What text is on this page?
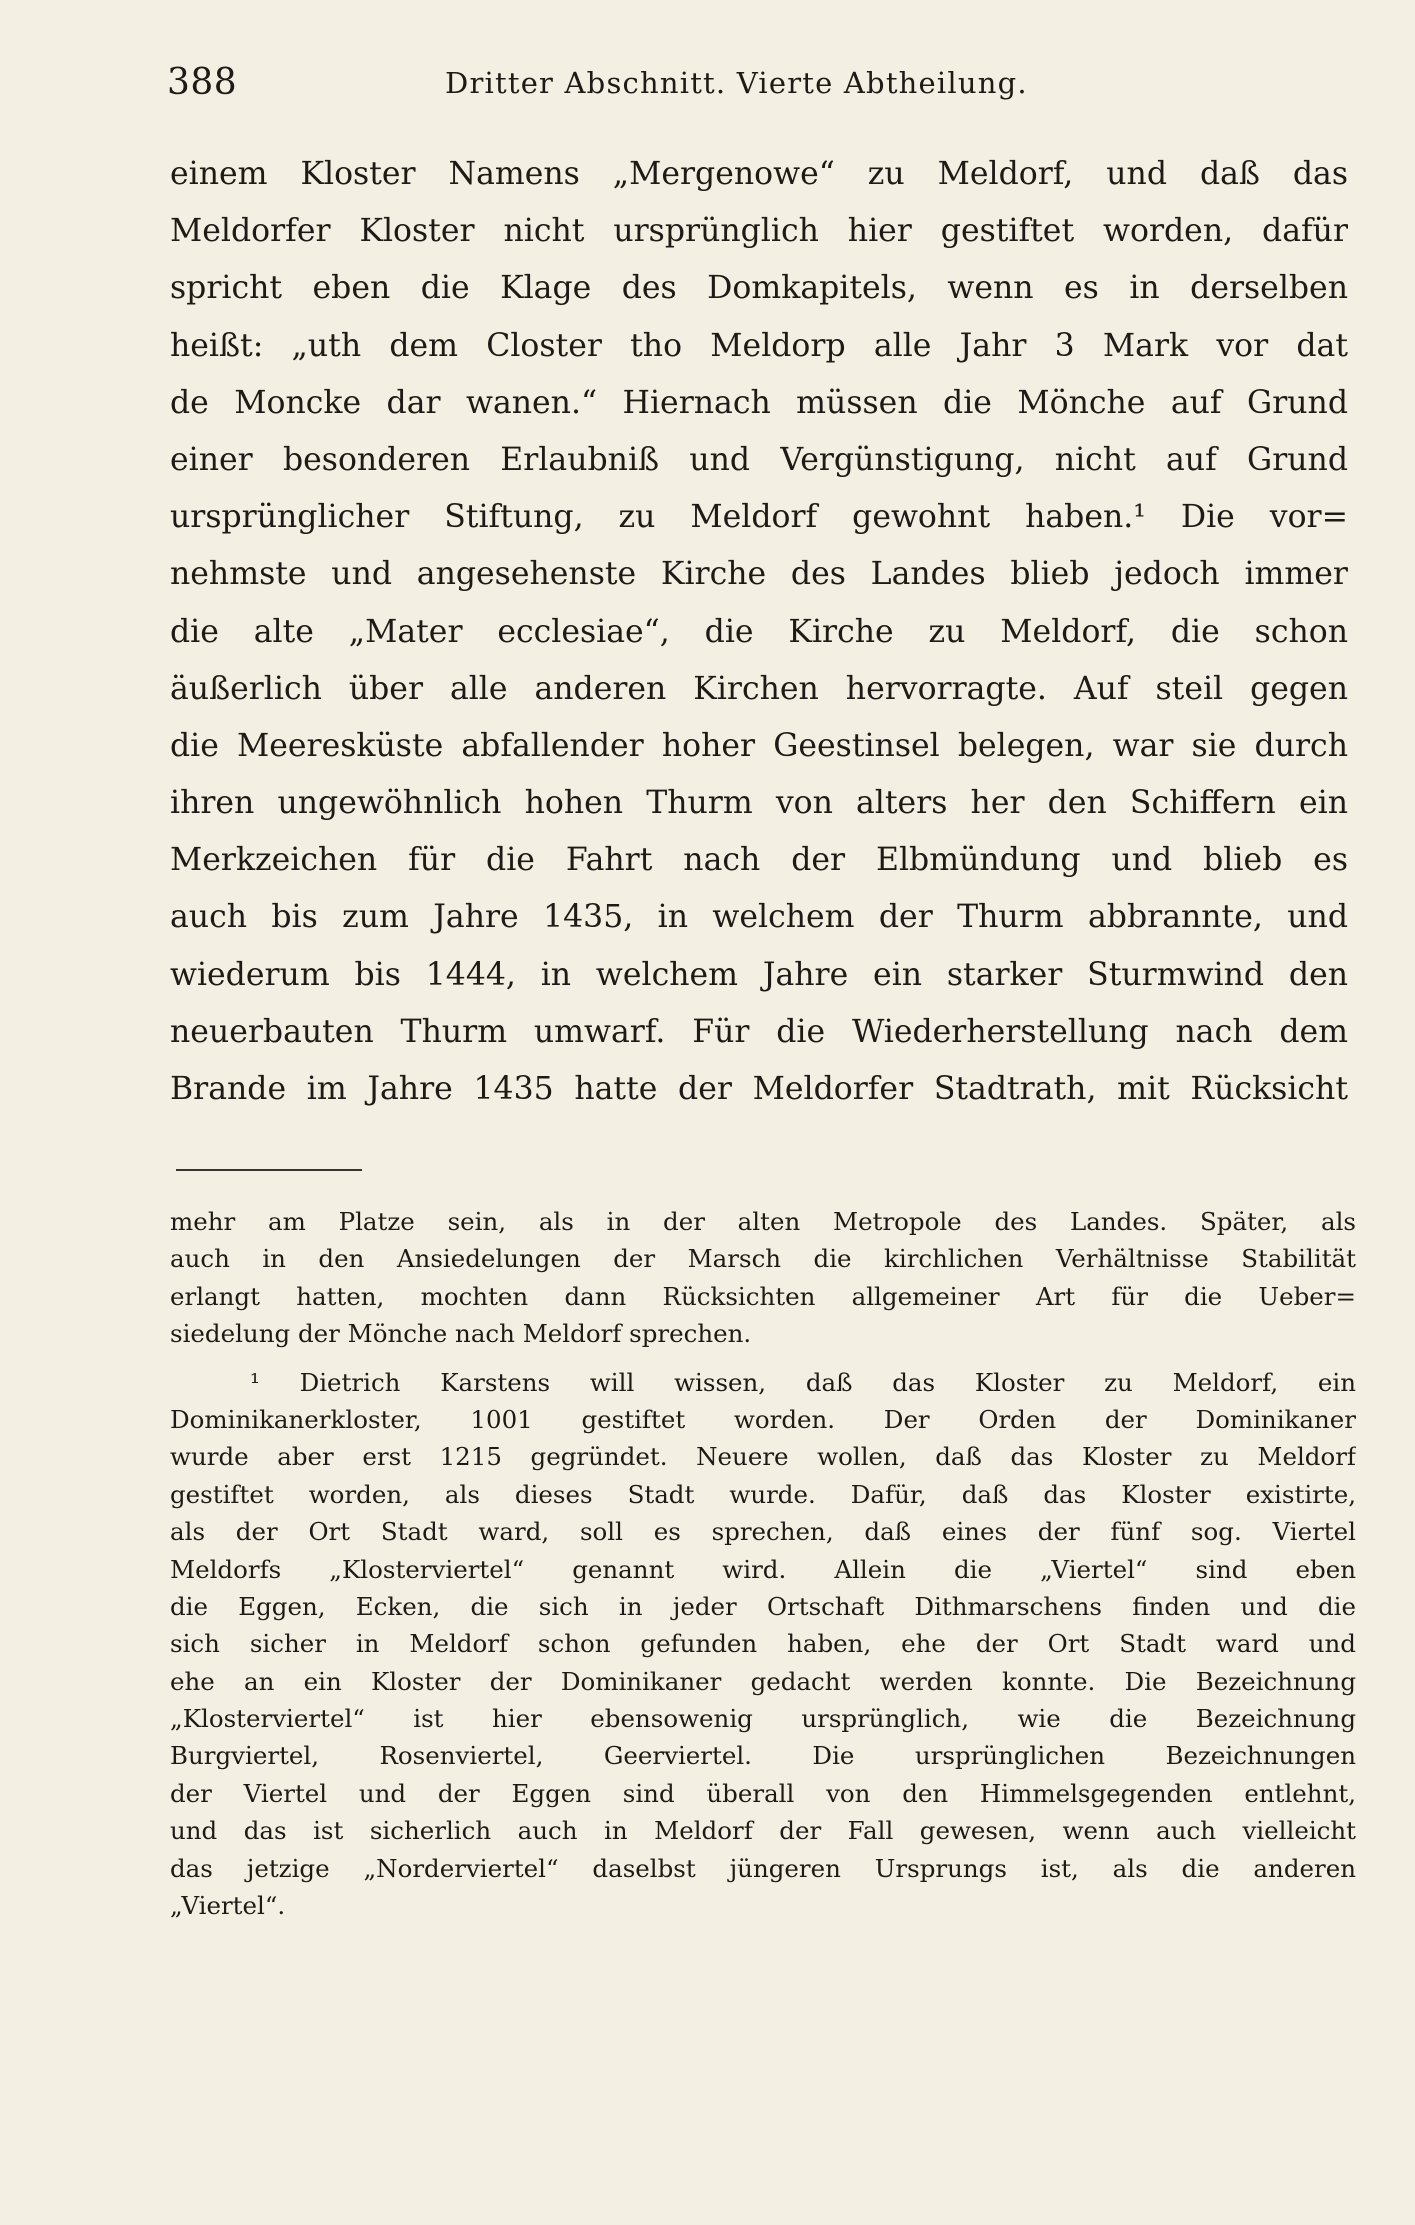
388	Dritter Abschnitt. Vierte Abtheilung.
einem Kloster Namens „Mergenowe“ zu Meldorf, und daß das
Meldorfer Kloster nicht ursprünglich hier gestiftet worden, dafür
spricht eben die Klage des Domkapitels, wenn es in derselben
heißt: „uth dem Closter tho Meldorp alle Jahr 3 Mark vor dat
de Moncke dar wanen.“ Hiernach müssen die Mönche auf Grund
einer besonderen Erlaubniß und Vergünstigung, nicht auf Grund
ursprünglicher Stiftung, zu Meldorf gewohnt haben.¹ Die vor=
nehmste und angesehenste Kirche des Landes blieb jedoch immer
die alte „Mater ecclesiae“, die Kirche zu Meldorf, die schon
äußerlich über alle anderen Kirchen hervorragte. Auf steil gegen
die Meeresküste abfallender hoher Geestinsel belegen, war sie durch
ihren ungewöhnlich hohen Thurm von alters her den Schiffern ein
Merkzeichen für die Fahrt nach der Elbmündung und blieb es
auch bis zum Jahre 1435, in welchem der Thurm abbrannte, und
wiederum bis 1444, in welchem Jahre ein starker Sturmwind den
neuerbauten Thurm umwarf. Für die Wiederherstellung nach dem
Brande im Jahre 1435 hatte der Meldorfer Stadtrath, mit Rücksicht
mehr am Platze sein, als in der alten Metropole des Landes. Später, als
auch in den Ansiedelungen der Marsch die kirchlichen Verhältnisse Stabilität
erlangt hatten, mochten dann Rücksichten allgemeiner Art für die Ueber=
siedelung der Mönche nach Meldorf sprechen.
¹ Dietrich Karstens will wissen, daß das Kloster zu Meldorf, ein
Dominikanerkloster, 1001 gestiftet worden. Der Orden der Dominikaner
wurde aber erst 1215 gegründet. Neuere wollen, daß das Kloster zu Meldorf
gestiftet worden, als dieses Stadt wurde. Dafür, daß das Kloster existirte,
als der Ort Stadt ward, soll es sprechen, daß eines der fünf sog. Viertel
Meldorfs „Klosterviertel“ genannt wird. Allein die „Viertel“ sind eben
die Eggen, Ecken, die sich in jeder Ortschaft Dithmarschens finden und die
sich sicher in Meldorf schon gefunden haben, ehe der Ort Stadt ward und
ehe an ein Kloster der Dominikaner gedacht werden konnte. Die Bezeichnung
„Klosterviertel“ ist hier ebensowenig ursprünglich, wie die Bezeichnung
Burgviertel, Rosenviertel, Geerviertel. Die ursprünglichen Bezeichnungen
der Viertel und der Eggen sind überall von den Himmelsgegenden entlehnt,
und das ist sicherlich auch in Meldorf der Fall gewesen, wenn auch vielleicht
das jetzige „Norderviertel“ daselbst jüngeren Ursprungs ist, als die anderen
„Viertel“.
